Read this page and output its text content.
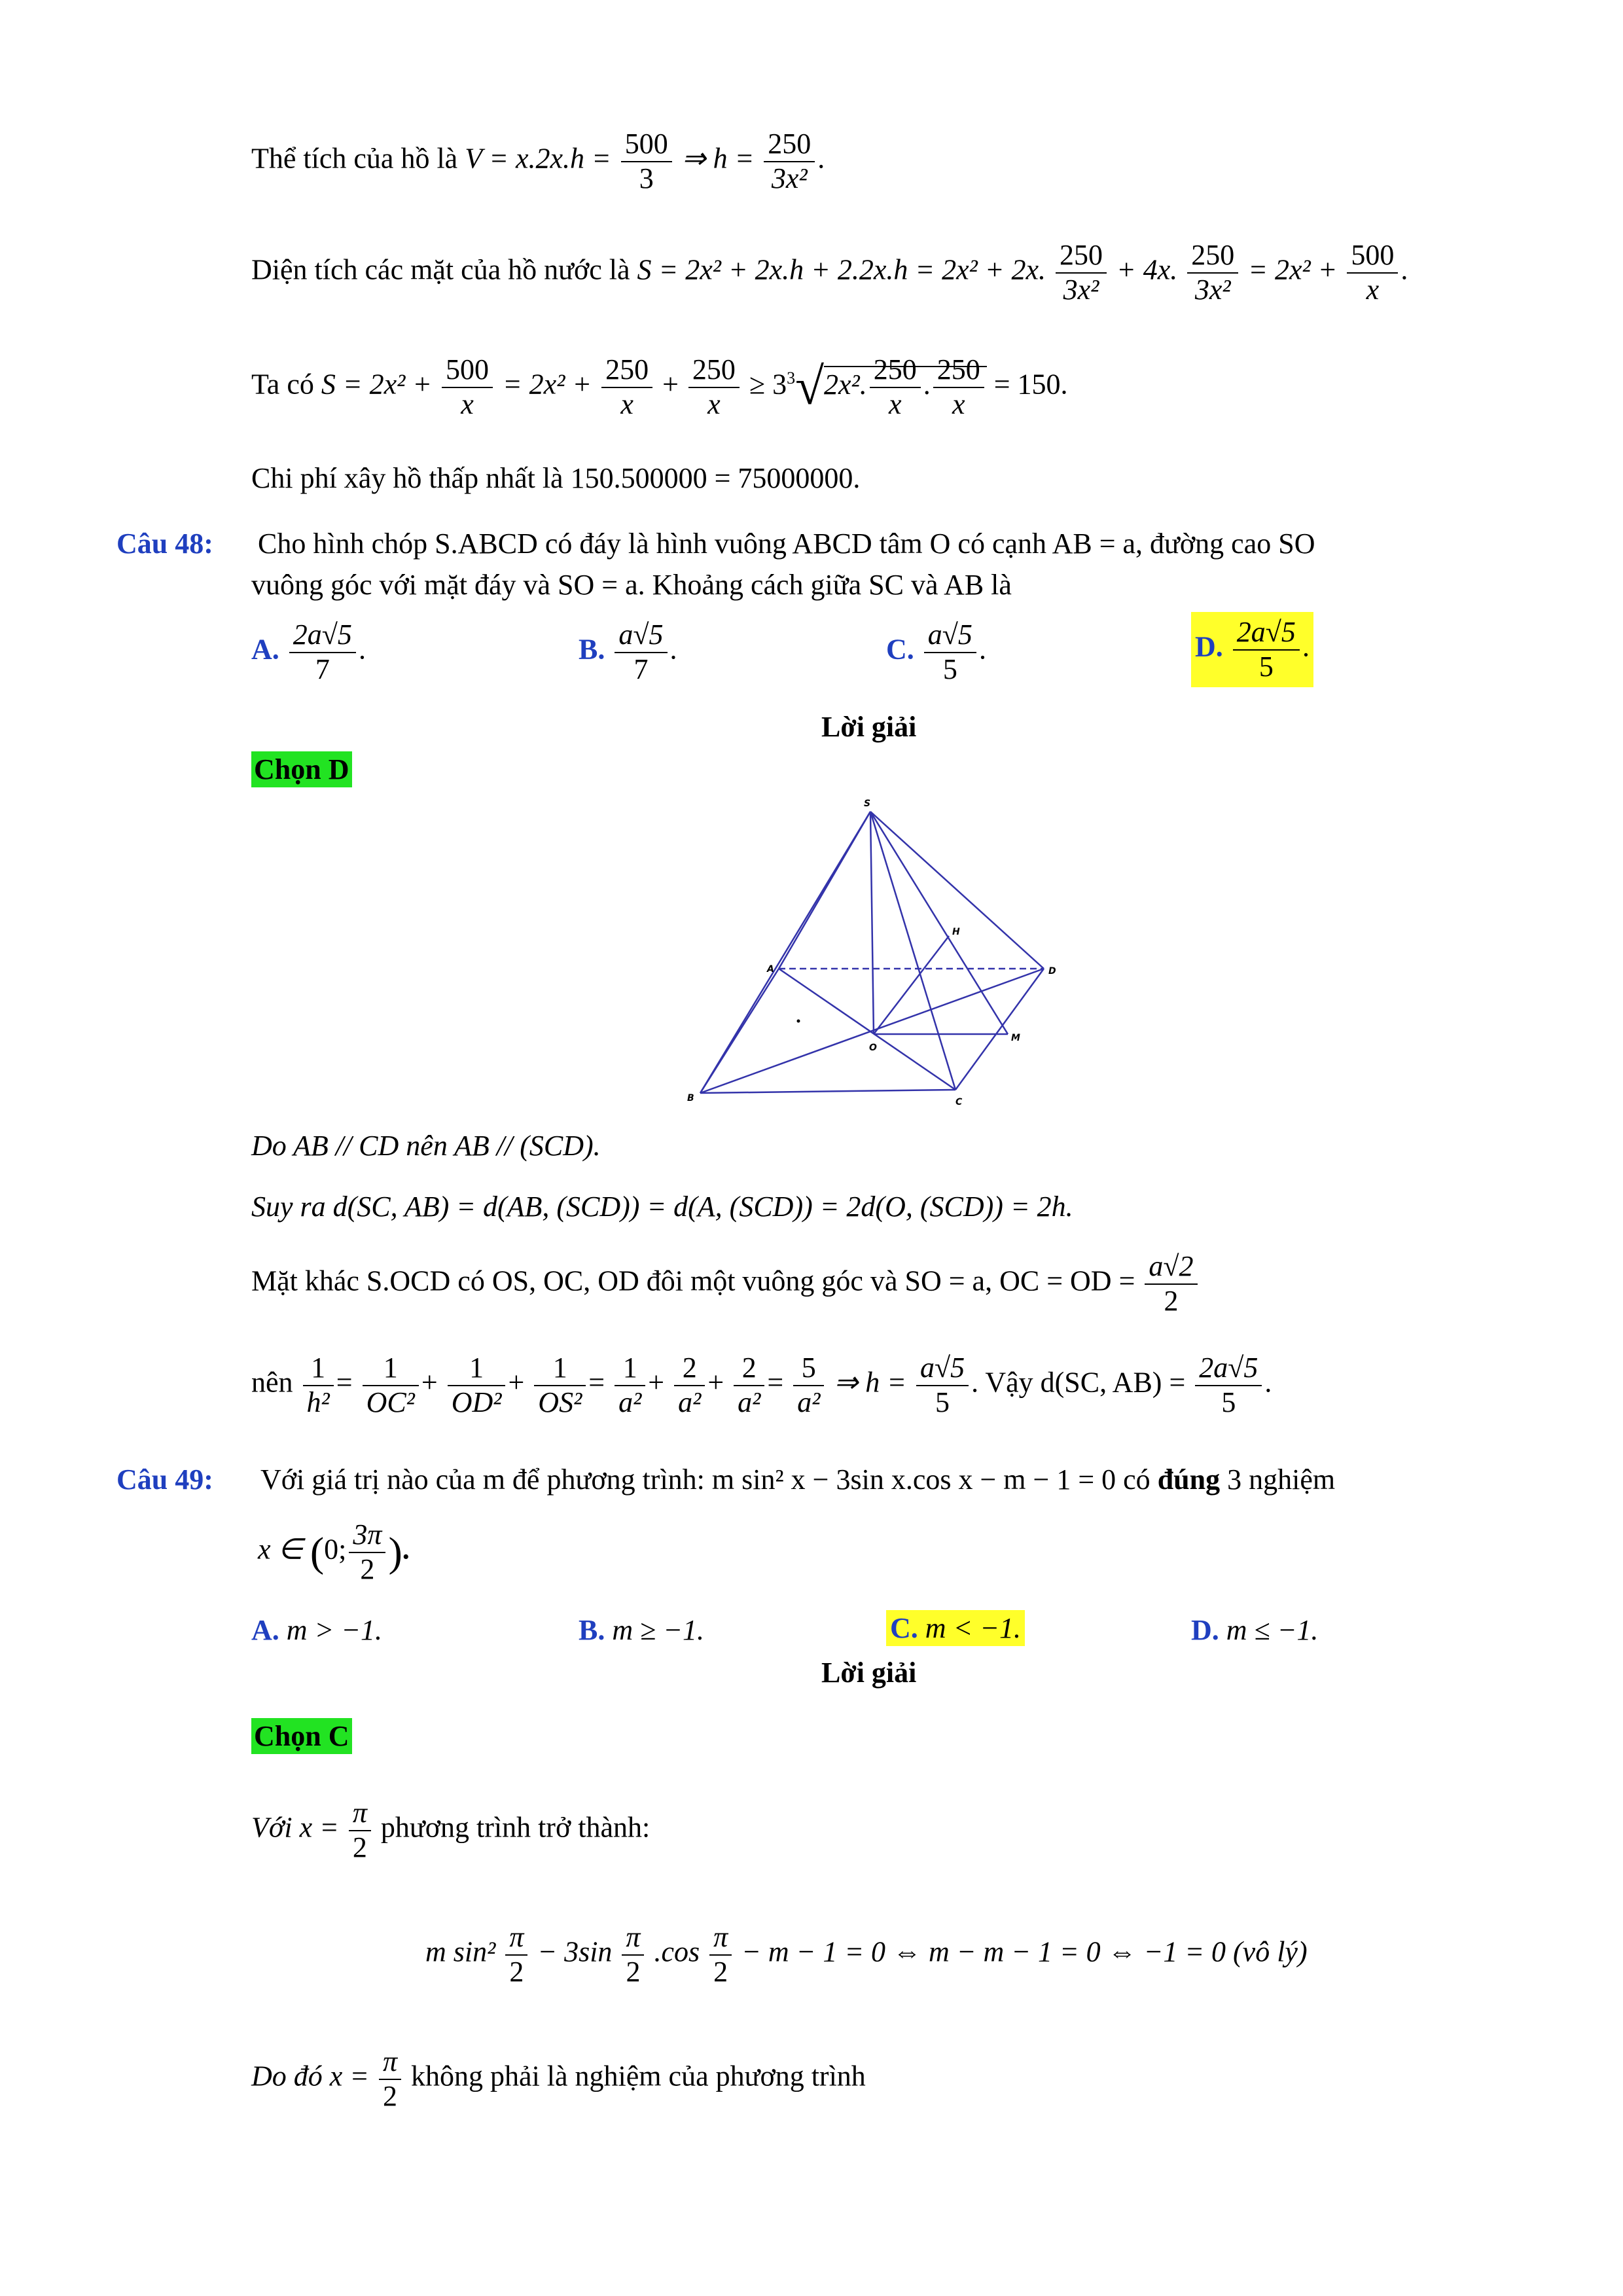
Thể tích của hồ là $V = x.2x.h = \frac{500}{3}$ ⇒ $h = \frac{250}{\text{3x²}}$ .
Diện tích các mặt của hồ nước là S = 2x² + 2x.h + 2.2x.h = 2x² + 2x. $\frac{250}{\text{3x²}} + 4x$. $\frac{250}{\text{3x²}} = 2x^2 + \frac{500}{x}$ .
Ta có $S = 2x^2 + \frac{500}{x} = 2x^2 + \frac{250}{x} + \frac{250}{x} \ge 3^3√2x^2$. $\frac{250}{x}$ . $\frac{250}{x} = 150$.
Chi phí xây hồ thấp nhất là 150.500000 = 75000000.
Câu 48: Cho hình chóp S.ABCD có đáy là hình vuông ABCD tâm O có cạnh AB = a, đường cao SO
vuông góc với mặt đáy và SO = a. Khoảng cách giữa SC và AB là
A. $\frac{2a√5}{7}$ .	B. $\frac{a√5}{7}$ .	C. $\frac{a√5}{5}$ .	D. $\frac{2a√5}{5}$ .
Lời giải
Chọn D
S
A
B	C
D
O
H
M
Do AB // CD nên AB // (SCD).
Suy ra d(SC, AB) = d(AB, (SCD)) = d(A, (SCD)) = 2d(O, (SCD)) = 2h.
Mặt khác S.OCD có OS, OC, OD đôi một vuông góc và SO = a, OC = OD = $\frac{a√2}{2}$
nên $\frac{1}{\text{h²}} = \frac{1}{\text{OC²}} + \frac{1}{\text{OD²}} + \frac{1}{\text{OS²}} = \frac{1}{\text{a²}} + \frac{2}{\text{a²}} + \frac{2}{\text{a²}} = \frac{5}{\text{a²}}$ ⇒ $h = \frac{a√5}{5}$ . Vậy d(SC, $AB) = \frac{2a√5}{5}$ .
Câu 49: Với giá trị nào của m để phương trình: m sin² x − 3sin x.cos x − m − 1 = 0 có đúng 3 nghiệm
x ∈ (0; $\frac{3\pi}{2}$ ).
A. m > −1.	B. m ≥ −1.	C. m < −1.	D. m ≤ −1.
Lời giải
Chọn C
Với $x = \frac{\pi}{2}$ phương trình trở thành:
m $\sin^2 \frac{\pi}{2} - 3\sin \frac{\pi}{2} .\cos \frac{\pi}{2} - m - 1 = 0$ ⇔ m − m − 1 = 0 ⇔ −1 = 0 (vô lý)
Do đó $x = \frac{\pi}{2}$ không phải là nghiệm của phương trình
